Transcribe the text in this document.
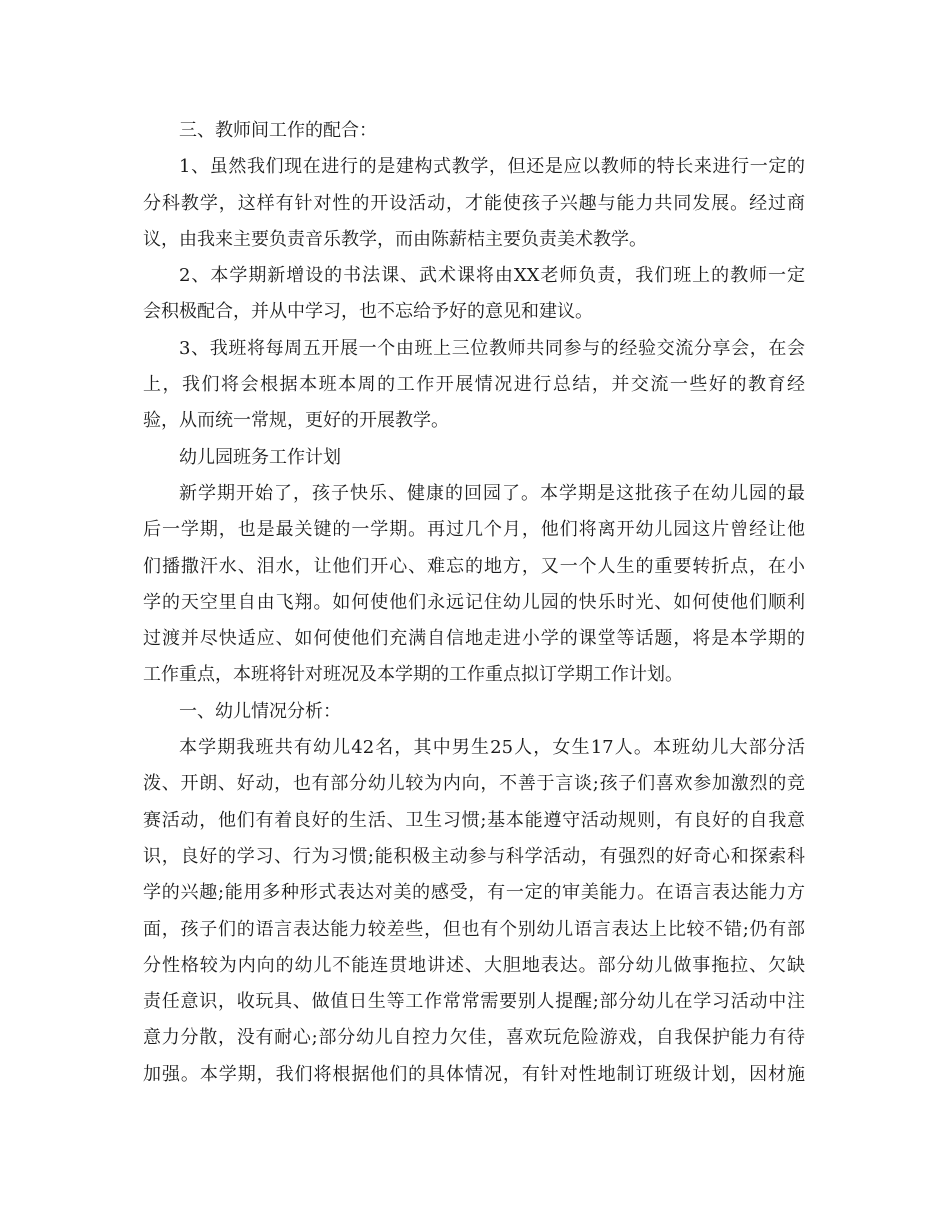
三、教师间工作的配合：
1、虽然我们现在进行的是建构式教学，但还是应以教师的特长来进行一定的
分科教学，这样有针对性的开设活动，才能使孩子兴趣与能力共同发展。经过商
议，由我来主要负责音乐教学，而由陈薪桔主要负责美术教学。
2、本学期新增设的书法课、武术课将由XX老师负责，我们班上的教师一定
会积极配合，并从中学习，也不忘给予好的意见和建议。
3、我班将每周五开展一个由班上三位教师共同参与的经验交流分享会，在会
上，我们将会根据本班本周的工作开展情况进行总结，并交流一些好的教育经
验，从而统一常规，更好的开展教学。
幼儿园班务工作计划
新学期开始了，孩子快乐、健康的回园了。本学期是这批孩子在幼儿园的最
后一学期，也是最关键的一学期。再过几个月，他们将离开幼儿园这片曾经让他
们播撒汗水、泪水，让他们开心、难忘的地方，又一个人生的重要转折点，在小
学的天空里自由飞翔。如何使他们永远记住幼儿园的快乐时光、如何使他们顺利
过渡并尽快适应、如何使他们充满自信地走进小学的课堂等话题，将是本学期的
工作重点，本班将针对班况及本学期的工作重点拟订学期工作计划。
一、幼儿情况分析：
本学期我班共有幼儿42名，其中男生25人，女生17人。本班幼儿大部分活
泼、开朗、好动，也有部分幼儿较为内向，不善于言谈;孩子们喜欢参加激烈的竞
赛活动，他们有着良好的生活、卫生习惯;基本能遵守活动规则，有良好的自我意
识，良好的学习、行为习惯;能积极主动参与科学活动，有强烈的好奇心和探索科
学的兴趣;能用多种形式表达对美的感受，有一定的审美能力。在语言表达能力方
面，孩子们的语言表达能力较差些，但也有个别幼儿语言表达上比较不错;仍有部
分性格较为内向的幼儿不能连贯地讲述、大胆地表达。部分幼儿做事拖拉、欠缺
责任意识，收玩具、做值日生等工作常常需要别人提醒;部分幼儿在学习活动中注
意力分散，没有耐心;部分幼儿自控力欠佳，喜欢玩危险游戏，自我保护能力有待
加强。本学期，我们将根据他们的具体情况，有针对性地制订班级计划，因材施
